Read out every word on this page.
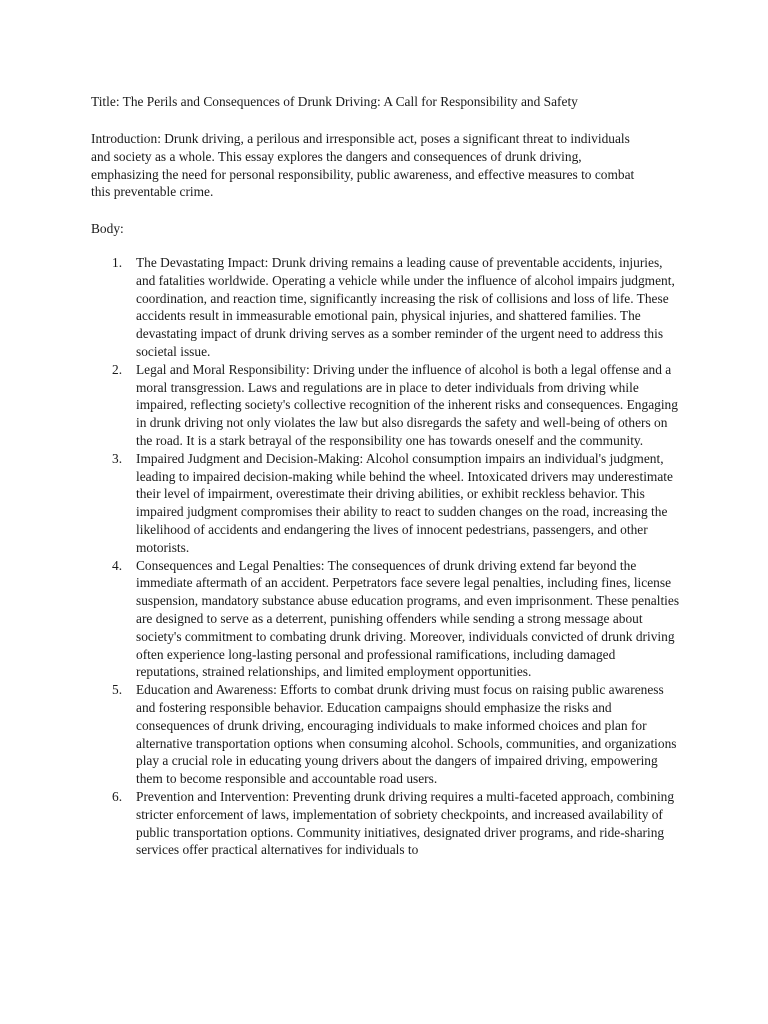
Title: The Perils and Consequences of Drunk Driving: A Call for Responsibility and Safety
Introduction: Drunk driving, a perilous and irresponsible act, poses a significant threat to individuals and society as a whole. This essay explores the dangers and consequences of drunk driving, emphasizing the need for personal responsibility, public awareness, and effective measures to combat this preventable crime.
Body:
1. The Devastating Impact: Drunk driving remains a leading cause of preventable accidents, injuries, and fatalities worldwide. Operating a vehicle while under the influence of alcohol impairs judgment, coordination, and reaction time, significantly increasing the risk of collisions and loss of life. These accidents result in immeasurable emotional pain, physical injuries, and shattered families. The devastating impact of drunk driving serves as a somber reminder of the urgent need to address this societal issue.
2. Legal and Moral Responsibility: Driving under the influence of alcohol is both a legal offense and a moral transgression. Laws and regulations are in place to deter individuals from driving while impaired, reflecting society's collective recognition of the inherent risks and consequences. Engaging in drunk driving not only violates the law but also disregards the safety and well-being of others on the road. It is a stark betrayal of the responsibility one has towards oneself and the community.
3. Impaired Judgment and Decision-Making: Alcohol consumption impairs an individual's judgment, leading to impaired decision-making while behind the wheel. Intoxicated drivers may underestimate their level of impairment, overestimate their driving abilities, or exhibit reckless behavior. This impaired judgment compromises their ability to react to sudden changes on the road, increasing the likelihood of accidents and endangering the lives of innocent pedestrians, passengers, and other motorists.
4. Consequences and Legal Penalties: The consequences of drunk driving extend far beyond the immediate aftermath of an accident. Perpetrators face severe legal penalties, including fines, license suspension, mandatory substance abuse education programs, and even imprisonment. These penalties are designed to serve as a deterrent, punishing offenders while sending a strong message about society's commitment to combating drunk driving. Moreover, individuals convicted of drunk driving often experience long-lasting personal and professional ramifications, including damaged reputations, strained relationships, and limited employment opportunities.
5. Education and Awareness: Efforts to combat drunk driving must focus on raising public awareness and fostering responsible behavior. Education campaigns should emphasize the risks and consequences of drunk driving, encouraging individuals to make informed choices and plan for alternative transportation options when consuming alcohol. Schools, communities, and organizations play a crucial role in educating young drivers about the dangers of impaired driving, empowering them to become responsible and accountable road users.
6. Prevention and Intervention: Preventing drunk driving requires a multi-faceted approach, combining stricter enforcement of laws, implementation of sobriety checkpoints, and increased availability of public transportation options. Community initiatives, designated driver programs, and ride-sharing services offer practical alternatives for individuals to
